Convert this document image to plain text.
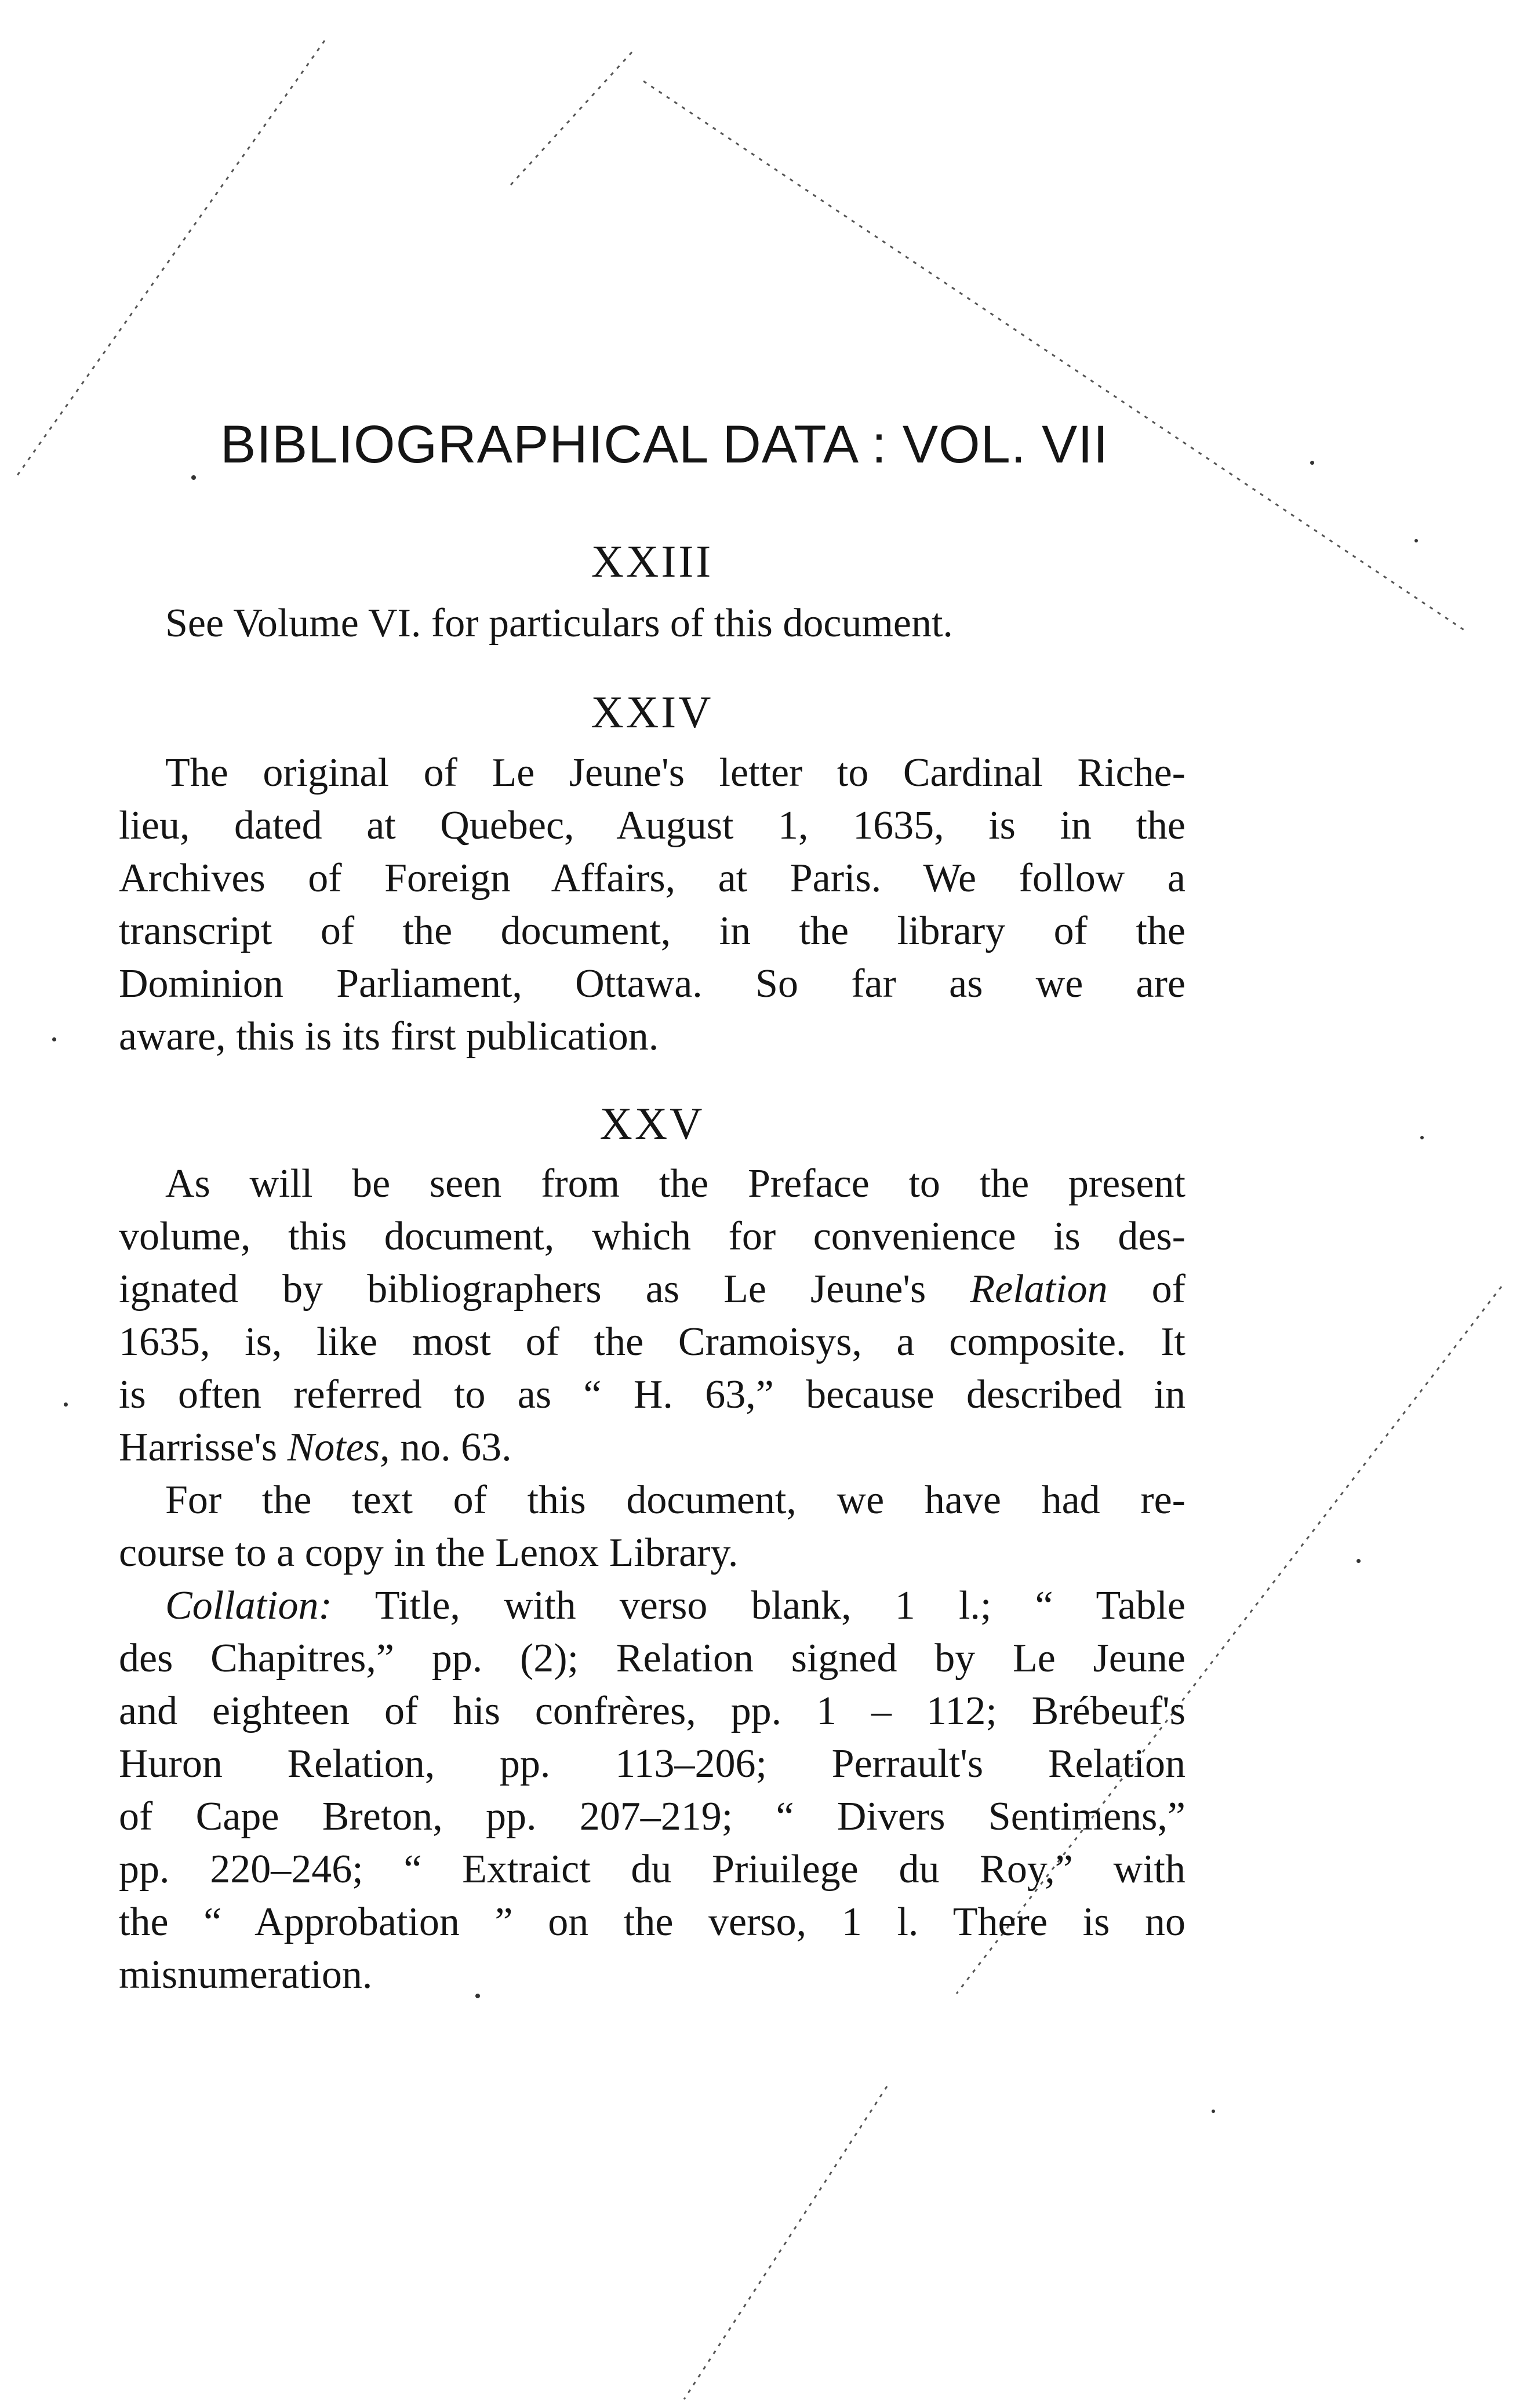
BIBLIOGRAPHICAL DATA : VOL. VII
XXIII

See Volume VI. for particulars of this document.

XXIV

The original of Le Jeune's letter to Cardinal Riche-
lieu, dated at Quebec, August 1, 1635, is in the
Archives of Foreign Affairs, at Paris. We follow a
transcript of the document, in the library of the
Dominion Parliament, Ottawa. So far as we are
aware, this is its first publication.

XXV

As will be seen from the Preface to the present
volume, this document, which for convenience is des-
ignated by bibliographers as Le Jeune's Relation of
1635, is, like most of the Cramoisys, a composite. It
is often referred to as “ H. 63,” because described in
Harrisse's Notes, no. 63.

For the text of this document, we have had re-
course to a copy in the Lenox Library.

Collation: Title, with verso blank, 1 l.; “ Table
des Chapitres,” pp. (2); Relation signed by Le Jeune
and eighteen of his confrères, pp. 1 – 112; Brébeuf's
Huron Relation, pp. 113–206; Perrault's Relation
of Cape Breton, pp. 207–219; “ Divers Sentimens,”
pp. 220–246; “ Extraict du Priuilege du Roy,” with
the “ Approbation ” on the verso, 1 l. There is no
misnumeration.
